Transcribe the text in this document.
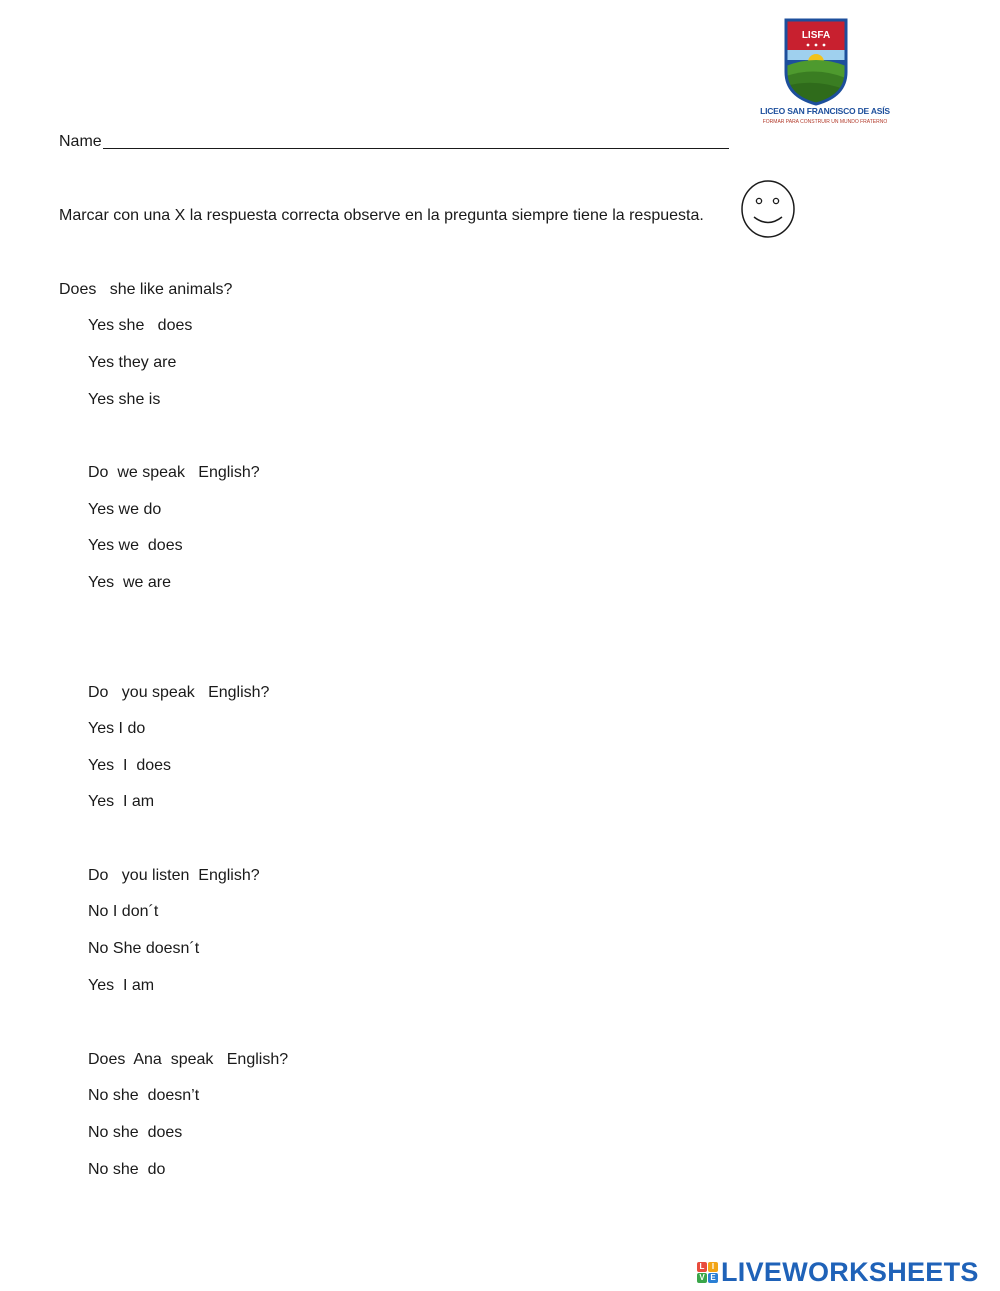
LISFA
LICEO SAN FRANCISCO DE ASÍS
FORMAR PARA CONSTRUIR UN MUNDO FRATERNO
Name
Marcar con una X la respuesta correcta observe en la pregunta siempre tiene la respuesta.
Does   she like animals?
Yes she   does
Yes they are
Yes she is
Do  we speak   English?
Yes we do
Yes we  does
Yes  we are
Do   you speak   English?
Yes I do
Yes  I  does
Yes  I am
Do   you listen  English?
No I don´t
No She doesn´t
Yes  I am
Does  Ana  speak   English?
No she  doesn’t
No she  does
No she  do
L I
V E LIVEWORKSHEETS
